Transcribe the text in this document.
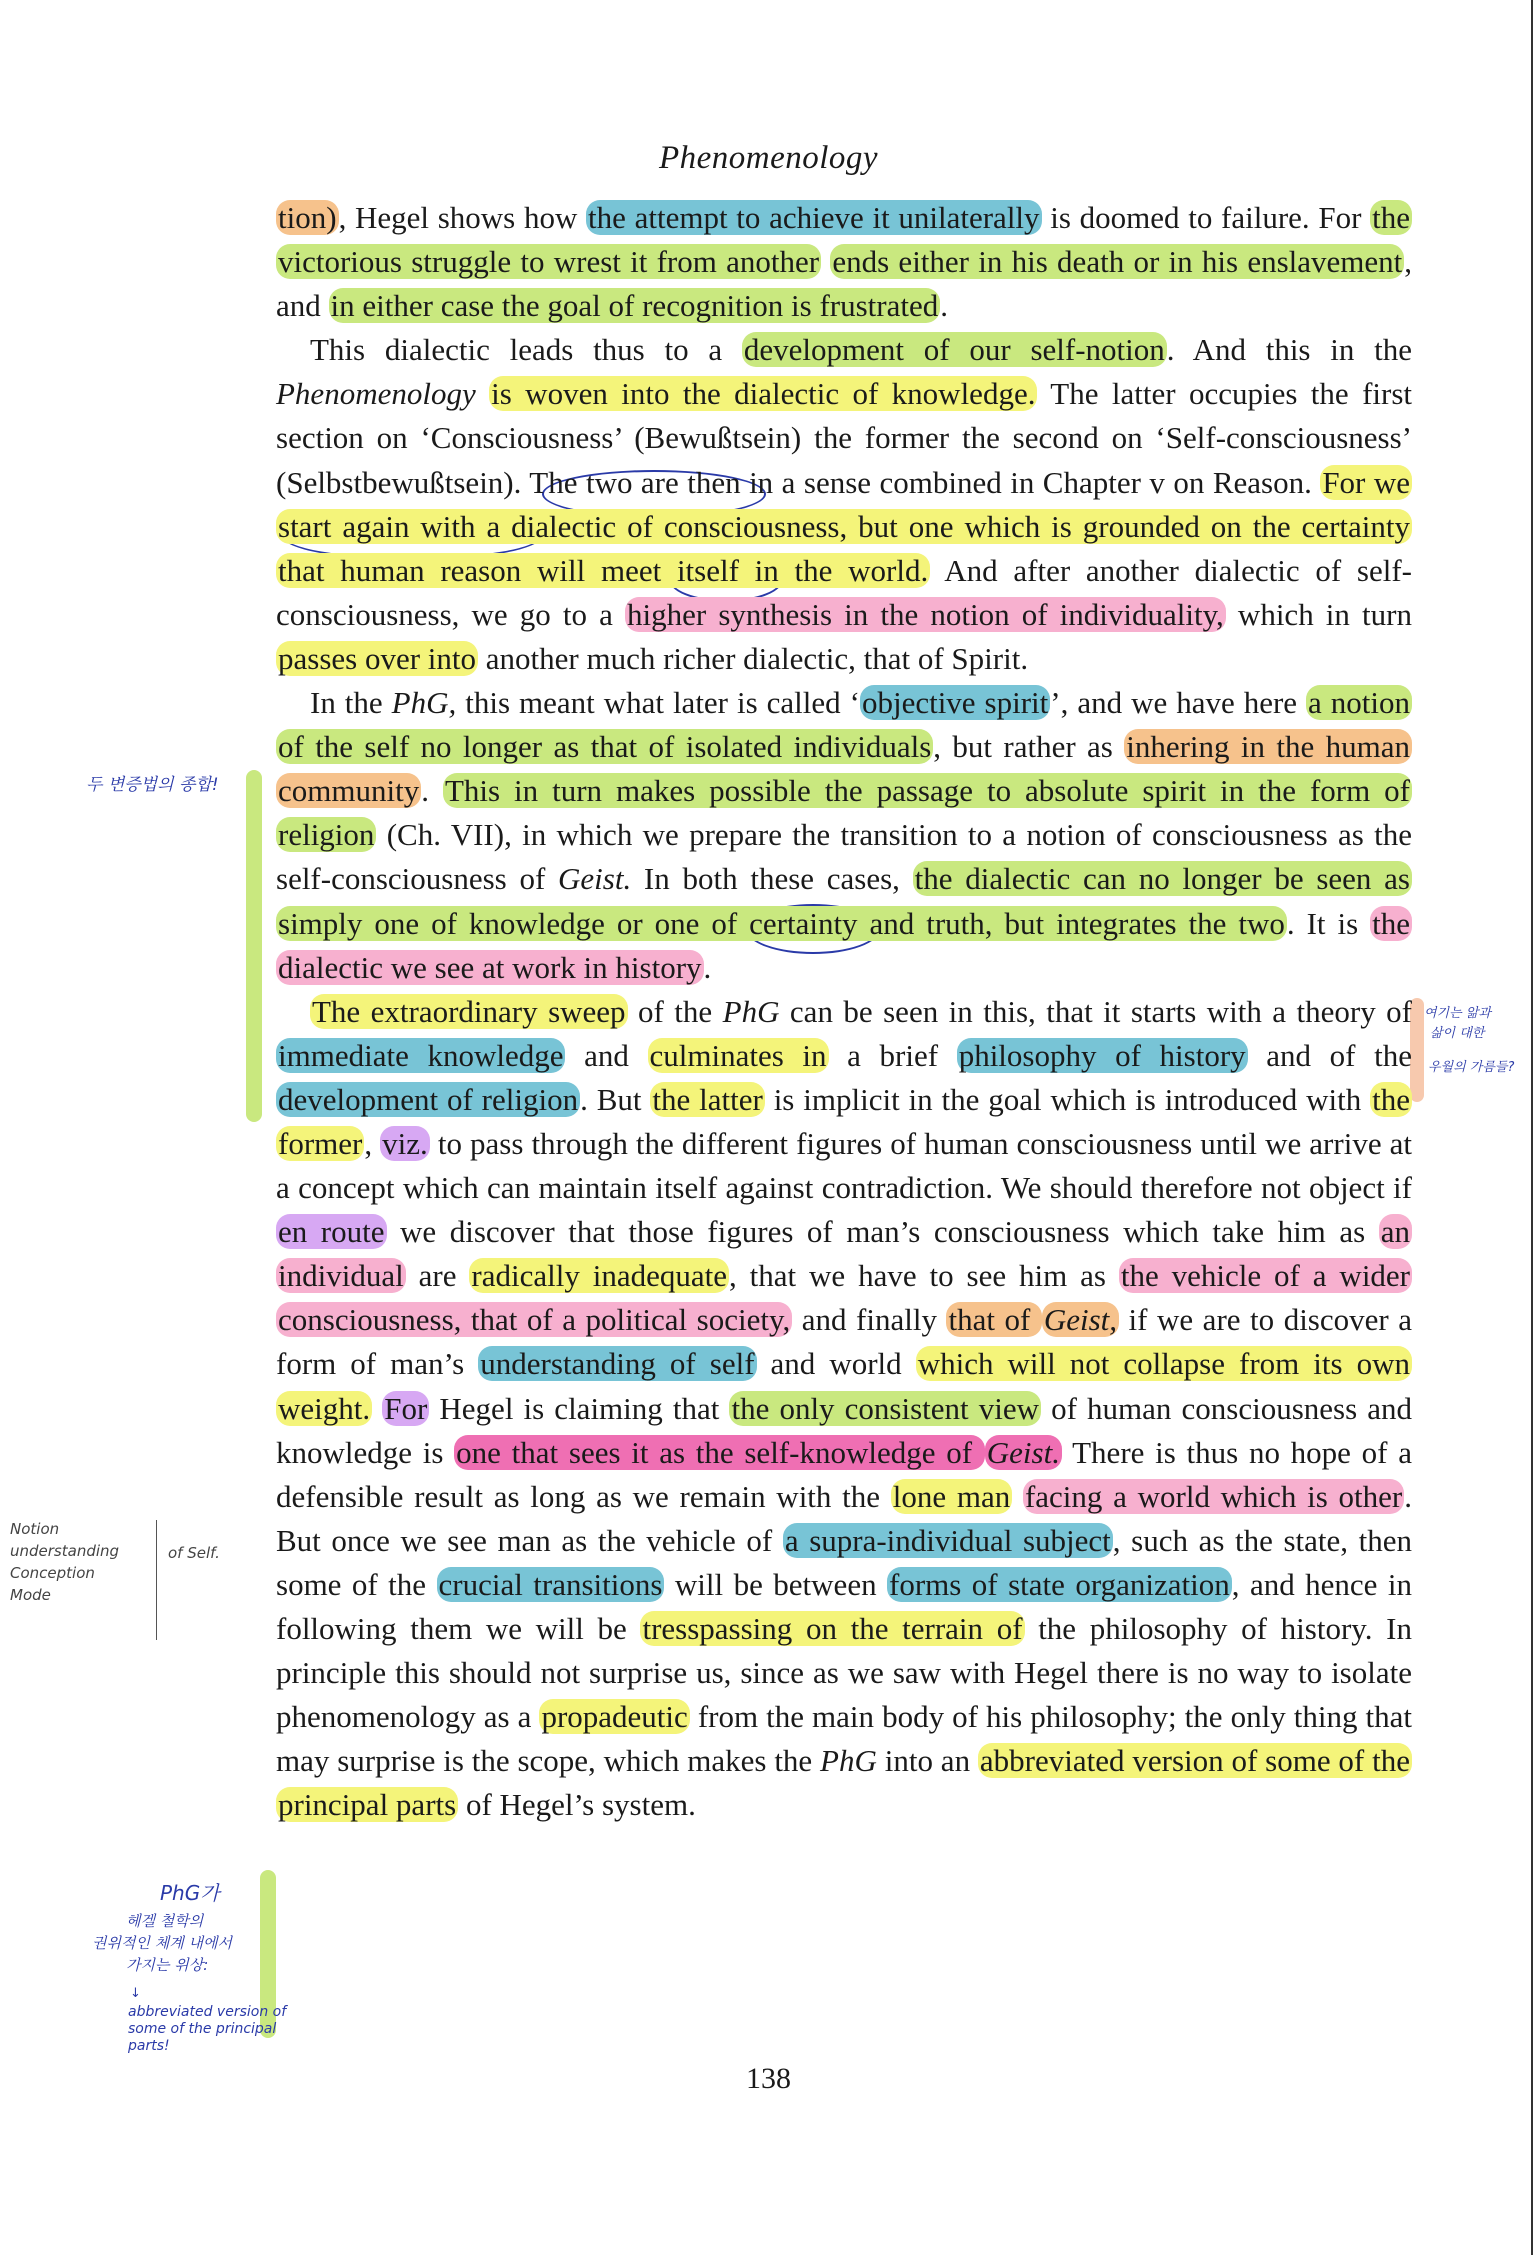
Phenomenology
두 변증법의 종합!
Notion
understanding
Conception
Mode
of Self.
PhG가
헤겔 철학의
권위적인 체계 내에서
가지는 위상:
↓
abbreviated version of some of the principal parts!
여기는 앎과
삶이 대한
우월의 가름들?

tion), Hegel shows how the attempt to achieve it unilaterally is doomed to failure. For the victorious struggle to wrest it from another ends either in his death or in his enslavement, and in either case the goal of recognition is frustrated.

This dialectic leads thus to a development of our self-notion. And this in the Phenomenology is woven into the dialectic of knowledge. The latter occupies the first section on ‘Consciousness’ (Bewußtsein) the former the second on ‘Self-consciousness’ (Selbstbewußtsein). The two are then in a sense combined in Chapter v on Reason. For we start again with a dialectic of consciousness, but one which is grounded on the certainty that human reason will meet itself in the world. And after another dialectic of self-consciousness, we go to a higher synthesis in the notion of individuality, which in turn passes over into another much richer dialectic, that of Spirit.

In the PhG, this meant what later is called ‘objective spirit’, and we have here a notion of the self no longer as that of isolated individuals, but rather as inhering in the human community. This in turn makes possible the passage to absolute spirit in the form of religion (Ch. VII), in which we prepare the transition to a notion of consciousness as the self-consciousness of Geist. In both these cases, the dialectic can no longer be seen as simply one of knowledge or one of certainty and truth, but integrates the two. It is the dialectic we see at work in history.

The extraordinary sweep of the PhG can be seen in this, that it starts with a theory of immediate knowledge and culminates in a brief philosophy of history and of the development of religion. But the latter is implicit in the goal which is introduced with the former, viz. to pass through the different figures of human consciousness until we arrive at a concept which can maintain itself against contradiction. We should therefore not object if en route we discover that those figures of man’s consciousness which take him as an individual are radically inadequate, that we have to see him as the vehicle of a wider consciousness, that of a political society, and finally that of Geist, if we are to discover a form of man’s understanding of self and world which will not collapse from its own weight. For Hegel is claiming that the only consistent view of human consciousness and knowledge is one that sees it as the self-knowledge of Geist. There is thus no hope of a defensible result as long as we remain with the lone man facing a world which is other. But once we see man as the vehicle of a supra-individual subject, such as the state, then some of the crucial transitions will be between forms of state organization, and hence in following them we will be tresspassing on the terrain of the philosophy of history. In principle this should not surprise us, since as we saw with Hegel there is no way to isolate phenomenology as a propadeutic from the main body of his philosophy; the only thing that may surprise is the scope, which makes the PhG into an abbreviated version of some of the principal parts of Hegel’s system.

138
